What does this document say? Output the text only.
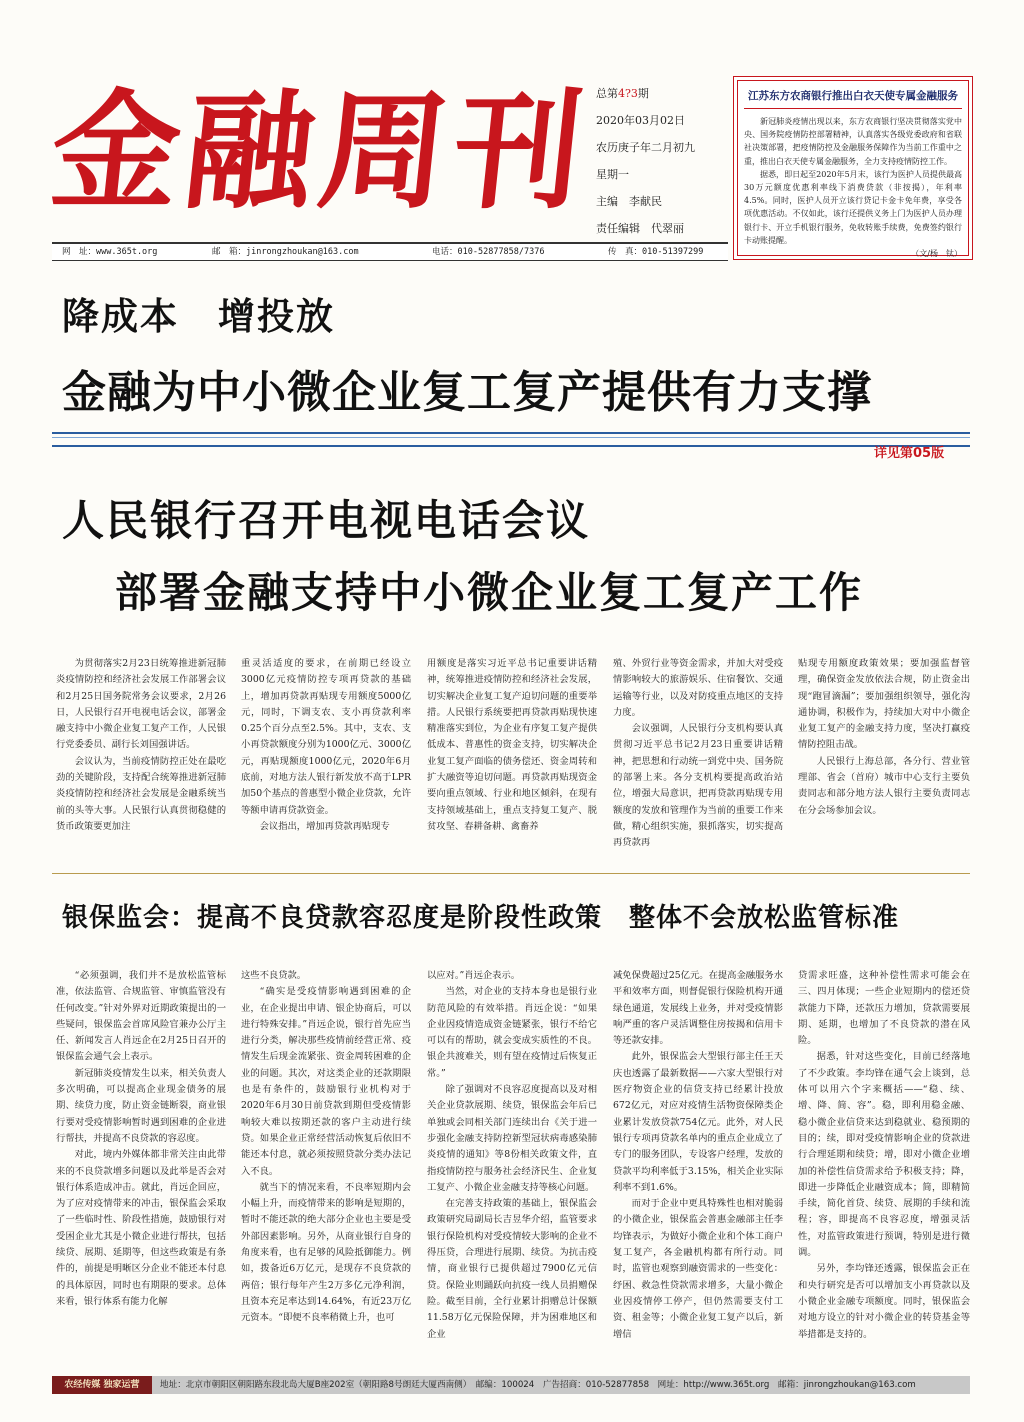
金融周刊 总第4?3期
2020年03月02日
农历庚子年二月初九
星期一
主编　李献民
责任编辑　代翠丽
江苏东方农商银行推出白衣天使专属金融服务

新冠肺炎疫情出现以来，东方农商银行坚决贯彻落实党中央、国务院疫情防控部署精神，认真落实各级党委政府和省联社决策部署，把疫情防控及金融服务保障作为当前工作重中之重，推出白衣天使专属金融服务，全力支持疫情防控工作。

据悉，即日起至2020年5月末，该行为医护人员提供最高30万元额度优惠利率线下消费贷款（非按揭），年利率4.5%。同时，医护人员开立该行贷记卡金卡免年费，享受各项优惠活动。不仅如此，该行还提供义务上门为医护人员办理银行卡、开立手机银行服务，免收转账手续费，免费签约银行卡动账提醒。

（文/杨　钛）

网　址：www.365t.org	邮　箱：jinrongzhoukan@163.com	电话：010-52877858/7376	传　真：010-51397299
降成本　增投放
金融为中小微企业复工复产提供有力支撑
详见第05版
人民银行召开电视电话会议
部署金融支持中小微企业复工复产工作

为贯彻落实2月23日统筹推进新冠肺炎疫情防控和经济社会发展工作部署会议和2月25日国务院常务会议要求，2月26日，人民银行召开电视电话会议，部署金融支持中小微企业复工复产工作，人民银行党委委员、副行长刘国强讲话。

会议认为，当前疫情防控正处在最吃劲的关键阶段，支持配合统筹推进新冠肺炎疫情防控和经济社会发展是金融系统当前的头等大事。人民银行认真贯彻稳健的货币政策要更加注

重灵活适度的要求，在前期已经设立3000亿元疫情防控专项再贷款的基础上，增加再贷款再贴现专用额度5000亿元，同时，下调支农、支小再贷款利率0.25个百分点至2.5%。其中，支农、支小再贷款额度分别为1000亿元、3000亿元，再贴现额度1000亿元，2020年6月底前，对地方法人银行新发放不高于LPR加50个基点的普惠型小微企业贷款，允许等额申请再贷款资金。

会议指出，增加再贷款再贴现专

用额度是落实习近平总书记重要讲话精神，统筹推进疫情防控和经济社会发展，切实解决企业复工复产迫切问题的重要举措。人民银行系统要把再贷款再贴现快速精准落实到位，为企业有序复工复产提供低成本、普惠性的资金支持，切实解决企业复工复产面临的债务偿还、资金周转和扩大融资等迫切问题。再贷款再贴现资金要向重点领域、行业和地区倾斜，在现有支持领域基础上，重点支持复工复产、脱贫攻坚、春耕备耕、禽畜养

殖、外贸行业等资金需求，并加大对受疫情影响较大的旅游娱乐、住宿餐饮、交通运输等行业，以及对防疫重点地区的支持力度。

会议强调，人民银行分支机构要认真贯彻习近平总书记2月23日重要讲话精神，把思想和行动统一到党中央、国务院的部署上来。各分支机构要提高政治站位，增强大局意识，把再贷款再贴现专用额度的发放和管理作为当前的重要工作来做，精心组织实施，狠抓落实，切实提高再贷款再

贴现专用额度政策效果；要加强监督管理，确保资金发放依法合规，防止资金出现“跑冒滴漏”；要加强组织领导，强化沟通协调，积极作为，持续加大对中小微企业复工复产的金融支持力度，坚决打赢疫情防控阻击战。

人民银行上海总部，各分行、营业管理部、省会（首府）城市中心支行主要负责同志和部分地方法人银行主要负责同志在分会场参加会议。

银保监会：提高不良贷款容忍度是阶段性政策　整体不会放松监管标准

“必须强调，我们并不是放松监管标准，依法监管、合规监管、审慎监管没有任何改变。”针对外界对近期政策提出的一些疑问，银保监会首席风险官兼办公厅主任、新闻发言人肖远企在2月25日召开的银保监会通气会上表示。

新冠肺炎疫情发生以来，相关负责人多次明确，可以提高企业现金债务的展期、续贷力度，防止资金链断裂，商业银行要对受疫情影响暂时遇到困难的企业进行帮扶，并提高不良贷款的容忍度。

对此，境内外媒体都非常关注由此带来的不良贷款增多问题以及此举是否会对银行体系造成冲击。就此，肖远企回应，为了应对疫情带来的冲击，银保监会采取了一些临时性、阶段性措施，鼓励银行对受困企业尤其是小微企业进行帮扶，包括续贷、展期、延期等，但这些政策是有条件的，前提是明晰区分企业不能还本付息的具体原因，同时也有期限的要求。总体来看，银行体系有能力化解

这些不良贷款。

“确实是受疫情影响遇到困难的企业，在企业提出申请、银企协商后，可以进行特殊安排。”肖远企说，银行首先应当进行分类，解决那些疫情前经营正常、疫情发生后现金流紧张、资金周转困难的企业的问题。其次，对这类企业的还款期限也是有条件的，鼓励银行业机构对于2020年6月30日前贷款到期但受疫情影响较大难以按期还款的客户主动进行续贷。如果企业正常经营活动恢复后依旧不能还本付息，就必须按照贷款分类办法记入不良。

就当下的情况来看，不良率短期内会小幅上升，而疫情带来的影响是短期的，暂时不能还款的绝大部分企业也主要是受外部因素影响。另外，从商业银行自身的角度来看，也有足够的风险抵御能力。例如，拨备近6万亿元，是现存不良贷款的两倍；银行每年产生2万多亿元净利润，且资本充足率达到14.64%，有近23万亿元资本。“即便不良率稍微上升，也可

以应对。”肖远企表示。

当然，对企业的支持本身也是银行业防范风险的有效举措。肖远企说：“如果企业因疫情造成资金链紧张，银行不给它可以有的帮助，就会变成实质性的不良。银企共渡难关，则有望在疫情过后恢复正常。”

除了强调对不良容忍度提高以及对相关企业贷款展期、续贷，银保监会年后已单独或会同相关部门连续出台《关于进一步强化金融支持防控新型冠状病毒感染肺炎疫情的通知》等8份相关政策文件，直指疫情防控与服务社会经济民生、企业复工复产、小微企业金融支持等核心问题。

在完善支持政策的基础上，银保监会政策研究局副局长吉昱华介绍，监管要求银行保险机构对受疫情较大影响的企业不得压贷，合理进行展期、续贷。为抗击疫情，商业银行已提供超过7900亿元信贷。保险业则踊跃向抗疫一线人员捐赠保险。截至目前，全行业累计捐赠总计保额11.58万亿元保险保障，并为困难地区和企业

减免保费超过25亿元。在提高金融服务水平和效率方面，则督促银行保险机构开通绿色通道，发展线上业务，并对受疫情影响严重的客户灵活调整住房按揭和信用卡等还款安排。

此外，银保监会大型银行部主任王天庆也透露了最新数据——六家大型银行对医疗物资企业的信贷支持已经累计投放672亿元，对应对疫情生活物资保障类企业累计发放贷款754亿元。此外，对人民银行专项再贷款名单内的重点企业成立了专门的服务团队，专设客户经理，发放的贷款平均利率低于3.15%，相关企业实际利率不到1.6%。

而对于企业中更具特殊性也相对脆弱的小微企业，银保监会普惠金融部主任李均锋表示，为做好小微企业和个体工商户复工复产，各金融机构都有所行动。同时，监管也观察到融资需求的一些变化：纾困、救急性贷款需求增多，大量小微企业因疫情停工停产，但仍然需要支付工资、租金等；小微企业复工复产以后，新增信

贷需求旺盛，这种补偿性需求可能会在三、四月体现；一些企业短期内的偿还贷款能力下降，还款压力增加，贷款需要展期、延期，也增加了不良贷款的潜在风险。

据悉，针对这些变化，目前已经落地了不少政策。李均锋在通气会上谈到，总体可以用六个字来概括——“稳、续、增、降、简、容”。稳，即利用稳金融、稳小微企业信贷来达到稳就业、稳预期的目的；续，即对受疫情影响企业的贷款进行合理延期和续贷；增，即对小微企业增加的补偿性信贷需求给予积极支持；降，即进一步降低企业融资成本；简，即精简手续，简化首贷、续贷、展期的手续和流程；容，即提高不良容忍度，增强灵活性，对监管政策进行预调，特别是进行微调。

另外，李均锋还透露，银保监会正在和央行研究是否可以增加支小再贷款以及小微企业金融专项额度。同时，银保监会对地方设立的针对小微企业的转贷基金等举措都是支持的。

农经传媒 独家运营	地址：北京市朝阳区朝阳路东段北岛大厦B座202室（朝阳路8号朗廷大厦西南侧）　邮编：100024　广告招商：010-52877858　网址：http://www.365t.org　邮箱：jinrongzhoukan@163.com
